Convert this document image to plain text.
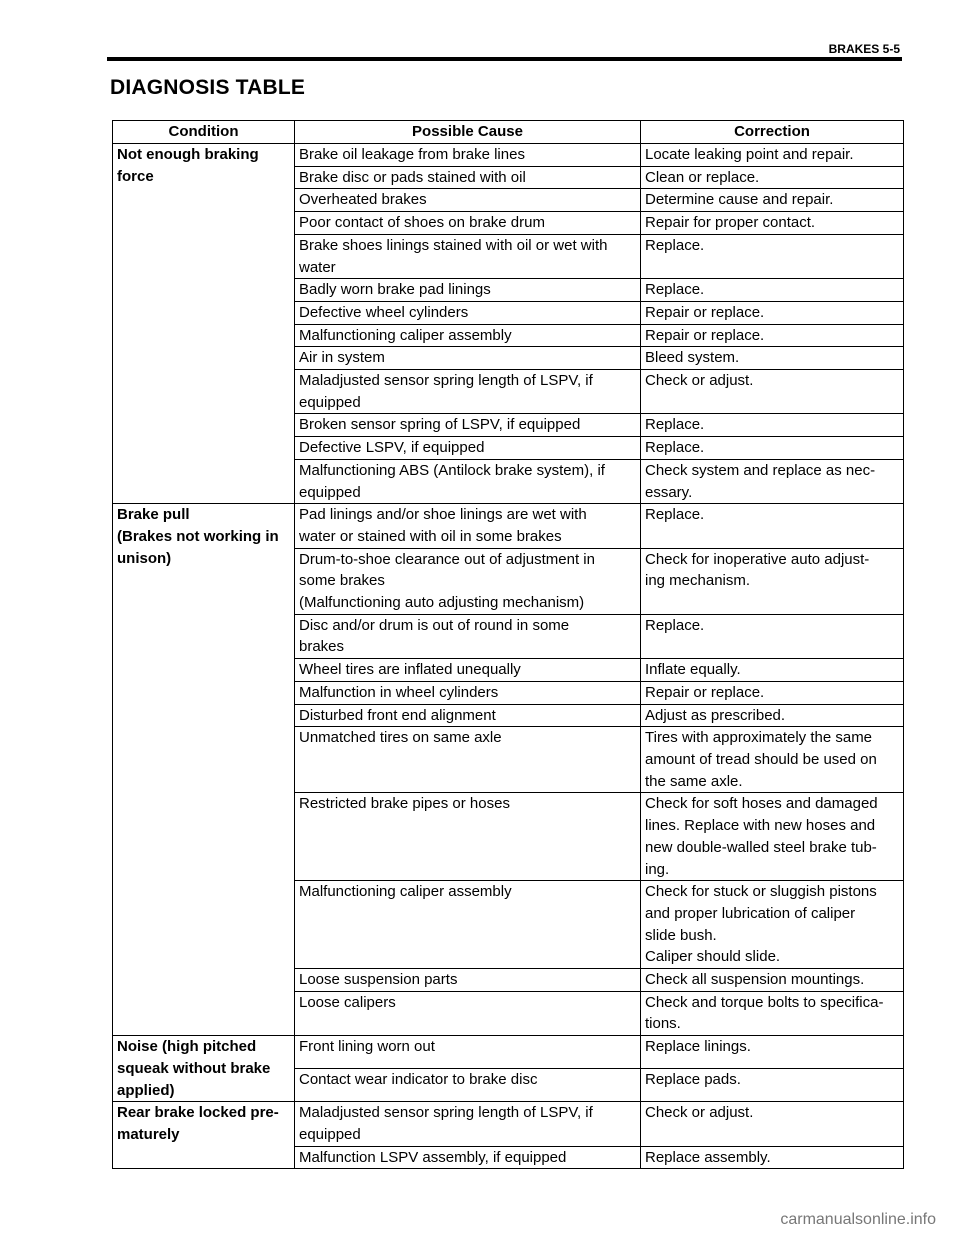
BRAKES 5-5
DIAGNOSIS TABLE
Condition	Possible Cause	Correction

Not enough braking
force	Brake oil leakage from brake lines	Locate leaking point and repair.

	Brake disc or pads stained with oil	Clean or replace.

	Overheated brakes	Determine cause and repair.

	Poor contact of shoes on brake drum	Repair for proper contact.

	Brake shoes linings stained with oil or wet with
water	Replace.

	Badly worn brake pad linings	Replace.

	Defective wheel cylinders	Repair or replace.

	Malfunctioning caliper assembly	Repair or replace.

	Air in system	Bleed system.

	Maladjusted sensor spring length of LSPV, if
equipped	Check or adjust.

	Broken sensor spring of LSPV, if equipped	Replace.

	Defective LSPV, if equipped	Replace.

	Malfunctioning ABS (Antilock brake system), if
equipped	Check system and replace as nec-
essary.

Brake pull
(Brakes not working in
unison)	Pad linings and/or shoe linings are wet with
water or stained with oil in some brakes	Replace.

	Drum-to-shoe clearance out of adjustment in
some brakes
(Malfunctioning auto adjusting mechanism)	Check for inoperative auto adjust-
ing mechanism.

	Disc and/or drum is out of round in some
brakes	Replace.

	Wheel tires are inflated unequally	Inflate equally.

	Malfunction in wheel cylinders	Repair or replace.

	Disturbed front end alignment	Adjust as prescribed.

	Unmatched tires on same axle	Tires with approximately the same
amount of tread should be used on
the same axle.

	Restricted brake pipes or hoses	Check for soft hoses and damaged
lines. Replace with new hoses and
new double-walled steel brake tub-
ing.

	Malfunctioning caliper assembly	Check for stuck or sluggish pistons
and proper lubrication of caliper
slide bush.
Caliper should slide.

	Loose suspension parts	Check all suspension mountings.

	Loose calipers	Check and torque bolts to specifica-
tions.

Noise (high pitched
squeak without brake
applied)	Front lining worn out	Replace linings.

	Contact wear indicator to brake disc	Replace pads.

Rear brake locked pre-
maturely	Maladjusted sensor spring length of LSPV, if
equipped	Check or adjust.

	Malfunction LSPV assembly, if equipped	Replace assembly.
carmanualsonline.info
